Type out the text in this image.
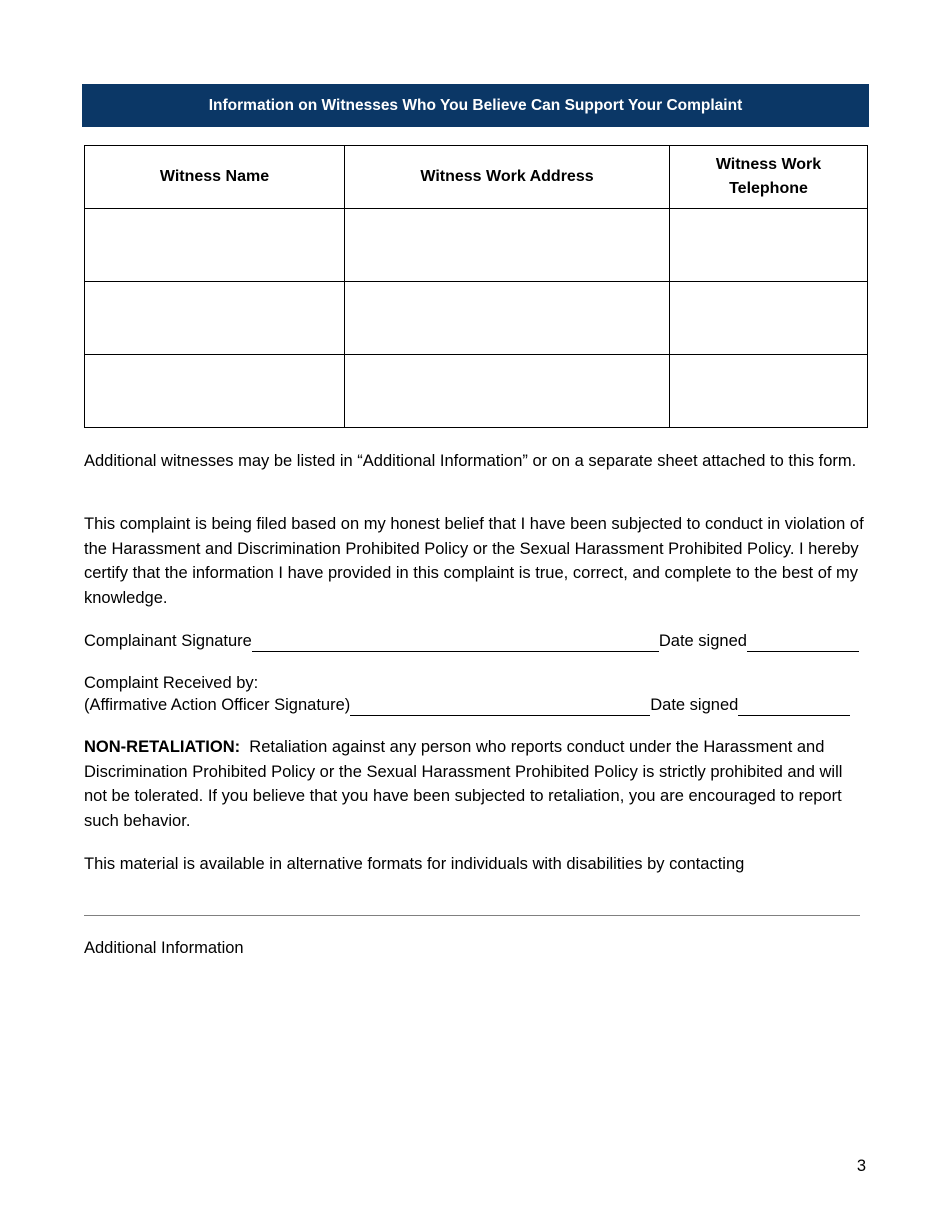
Information on Witnesses Who You Believe Can Support Your Complaint
Witness Name	Witness Work Address	Witness Work Telephone

Additional witnesses may be listed in “Additional Information” or on a separate sheet attached to this form.

This complaint is being filed based on my honest belief that I have been subjected to conduct in violation of the Harassment and Discrimination Prohibited Policy or the Sexual Harassment Prohibited Policy. I hereby certify that the information I have provided in this complaint is true, correct, and complete to the best of my knowledge.

Complainant Signature	Date signed
Complaint Received by:
(Affirmative Action Officer Signature)	Date signed

NON-RETALIATION: Retaliation against any person who reports conduct under the Harassment and Discrimination Prohibited Policy or the Sexual Harassment Prohibited Policy is strictly prohibited and will not be tolerated. If you believe that you have been subjected to retaliation, you are encouraged to report such behavior.

This material is available in alternative formats for individuals with disabilities by contacting

Additional Information
3
